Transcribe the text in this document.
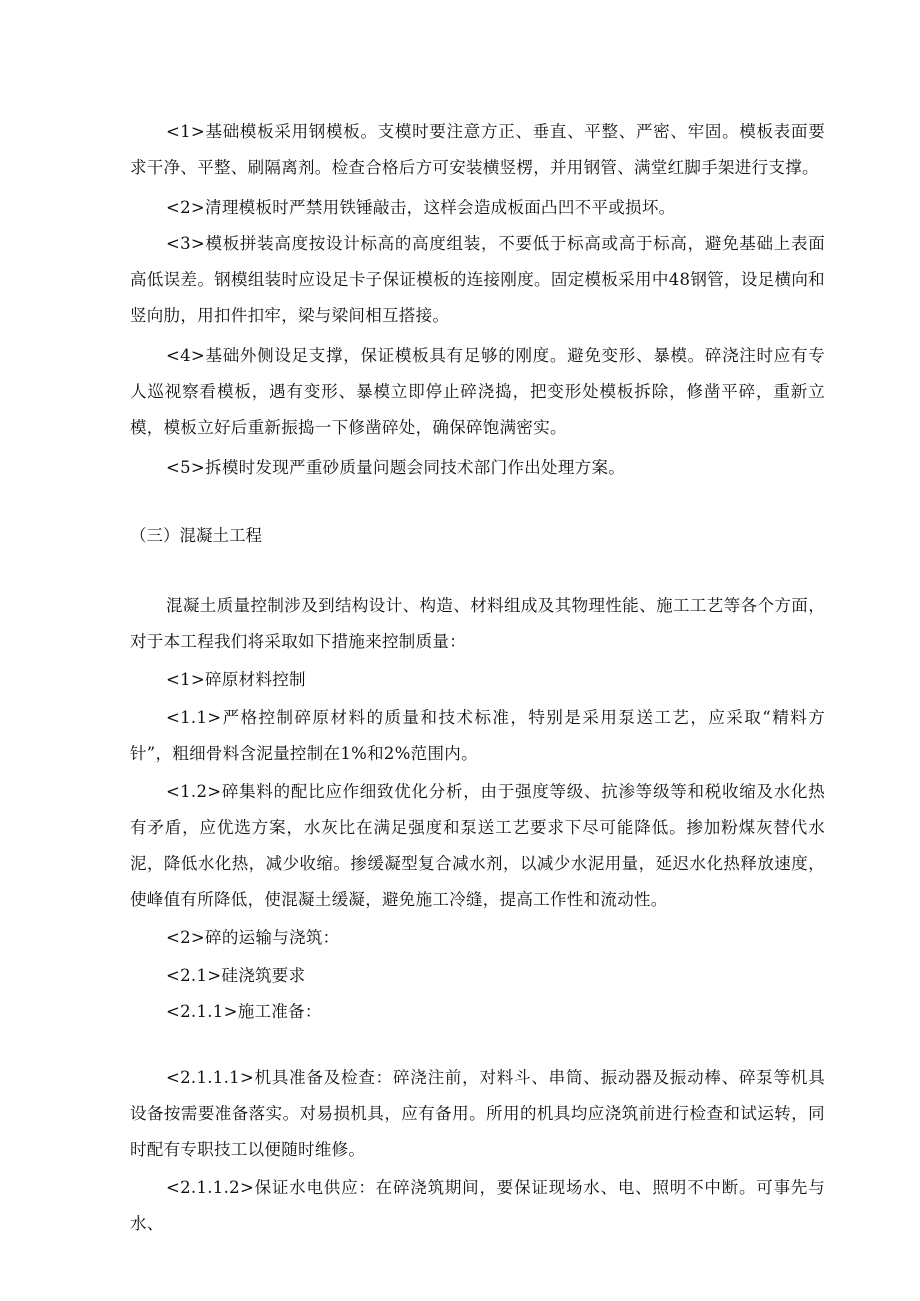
<1>基础模板采用钢模板。支模时要注意方正、垂直、平整、严密、牢固。模板表面要求干净、平整、刷隔离剂。检查合格后方可安装横竖楞，并用钢管、满堂红脚手架进行支撑。

<2>清理模板时严禁用铁锤敲击，这样会造成板面凸凹不平或损坏。

<3>模板拼装高度按设计标高的高度组装，不要低于标高或高于标高，避免基础上表面高低误差。钢模组装时应设足卡子保证模板的连接刚度。固定模板采用中48钢管，设足横向和竖向肋，用扣件扣牢，梁与梁间相互搭接。

<4>基础外侧设足支撑，保证模板具有足够的刚度。避免变形、暴模。碎浇注时应有专人巡视察看模板，遇有变形、暴模立即停止碎浇捣，把变形处模板拆除，修凿平碎，重新立模，模板立好后重新振捣一下修凿碎处，确保碎饱满密实。

<5>拆模时发现严重砂质量问题会同技术部门作出处理方案。

（三）混凝土工程

混凝土质量控制涉及到结构设计、构造、材料组成及其物理性能、施工工艺等各个方面，对于本工程我们将采取如下措施来控制质量：

<1>碎原材料控制

<1.1>严格控制碎原材料的质量和技术标准，特别是采用泵送工艺，应采取“精料方针”，粗细骨料含泥量控制在1%和2%范围内。

<1.2>碎集料的配比应作细致优化分析，由于强度等级、抗渗等级等和税收缩及水化热有矛盾，应优选方案，水灰比在满足强度和泵送工艺要求下尽可能降低。掺加粉煤灰替代水泥，降低水化热，减少收缩。掺缓凝型复合减水剂，以减少水泥用量，延迟水化热释放速度，使峰值有所降低，使混凝土缓凝，避免施工冷缝，提高工作性和流动性。

<2>碎的运输与浇筑：

<2.1>硅浇筑要求

<2.1.1>施工准备：

<2.1.1.1>机具准备及检查：碎浇注前，对料斗、串筒、振动器及振动棒、碎泵等机具设备按需要准备落实。对易损机具，应有备用。所用的机具均应浇筑前进行检查和试运转，同时配有专职技工以便随时维修。

<2.1.1.2>保证水电供应：在碎浇筑期间，要保证现场水、电、照明不中断。可事先与水、
